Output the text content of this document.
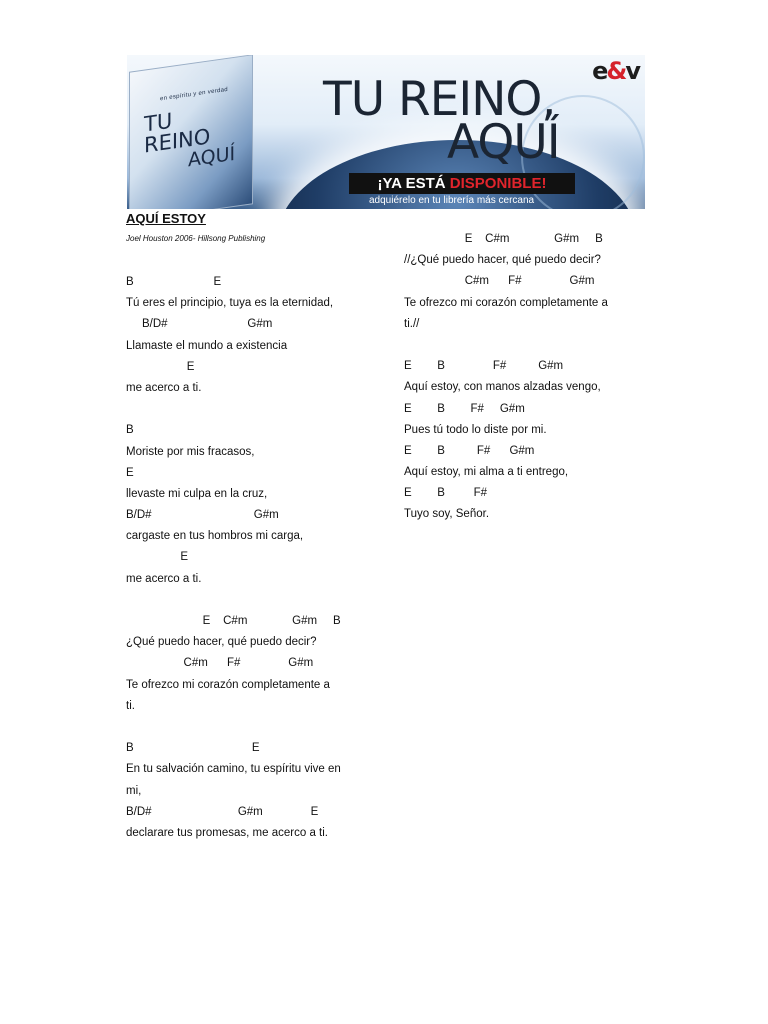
en espíritu y en verdad
TU REINO
AQUÍ
TU REINO,
AQUÍ
e&v
¡YA ESTÁ DISPONIBLE!
adquiérelo en tu librería más cercana
AQUÍ ESTOY
Joel Houston 2006- Hillsong Publishing
B                         E
Tú eres el principio, tuya es la eternidad,
B/D#                         G#m
Llamaste el mundo a existencia
E
me acerco a ti.
B
Moriste por mis fracasos,
E
llevaste mi culpa en la cruz,
B/D#                                G#m
cargaste en tus hombros mi carga,
E
me acerco a ti.
E    C#m              G#m     B
¿Qué puedo hacer, qué puedo decir?
C#m      F#               G#m
Te ofrezco mi corazón completamente a
ti.
B                                     E
En tu salvación camino, tu espíritu vive en
mi,
B/D#                           G#m               E
declarare tus promesas, me acerco a ti.
E    C#m              G#m     B
//¿Qué puedo hacer, qué puedo decir?
C#m      F#               G#m
Te ofrezco mi corazón completamente a
ti.//
E        B               F#          G#m
Aquí estoy, con manos alzadas vengo,
E        B        F#     G#m
Pues tú todo lo diste por mi.
E        B          F#      G#m
Aquí estoy, mi alma a ti entrego,
E        B         F#
Tuyo soy, Señor.
